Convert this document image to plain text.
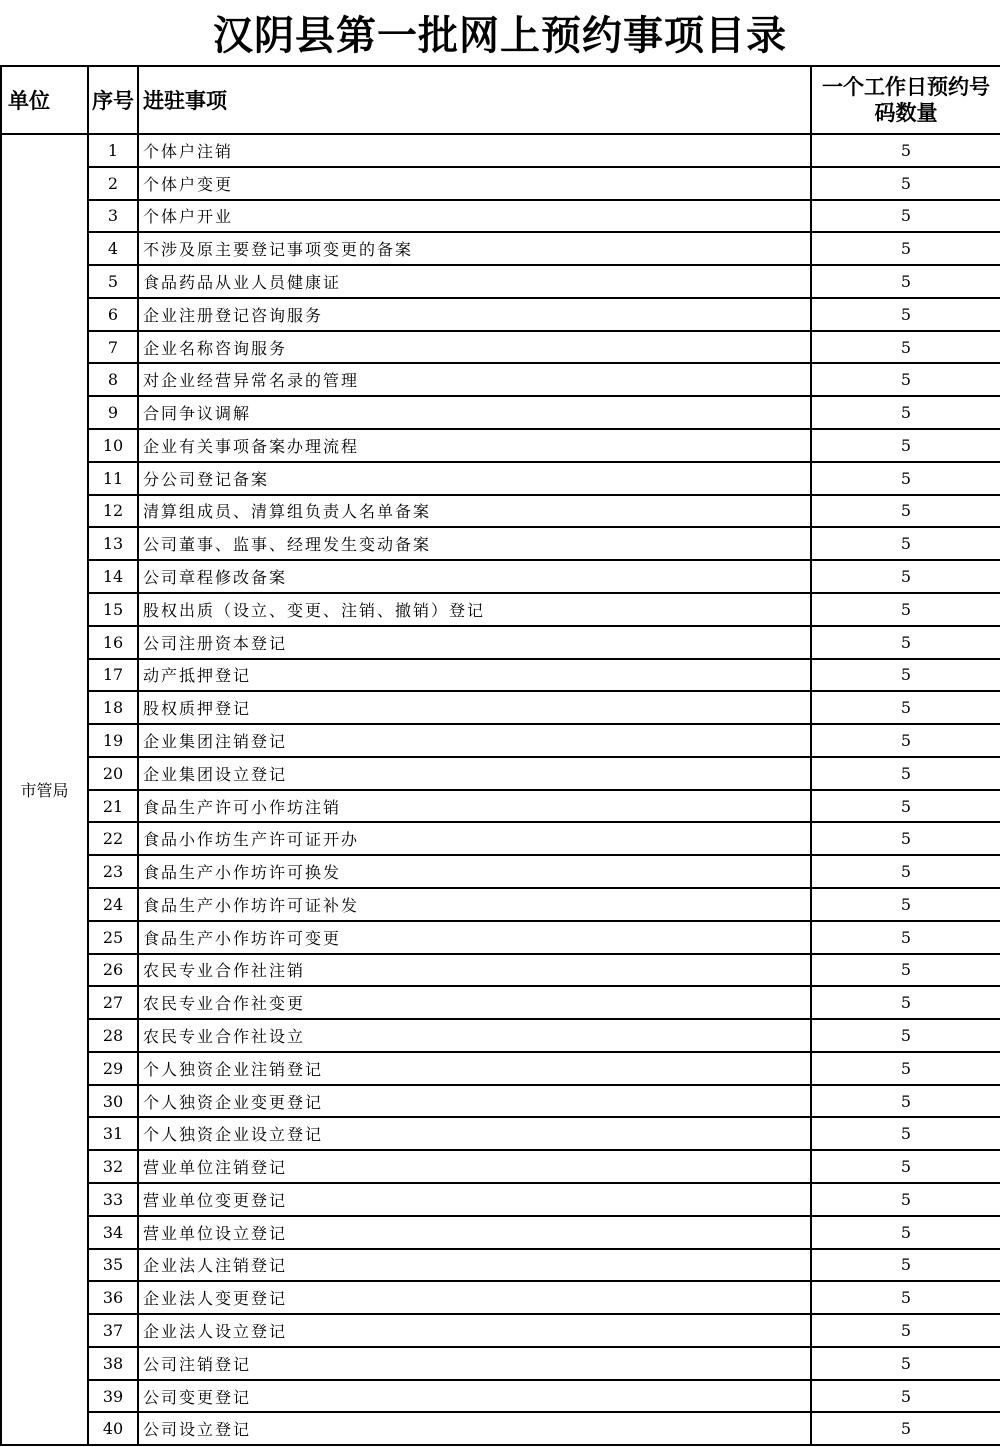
汉阴县第一批网上预约事项目录
单位	序号	进驻事项	一个工作日预约号
码数量
市管局	1	个体户注销	5
	2	个体户变更	5
	3	个体户开业	5
	4	不涉及原主要登记事项变更的备案	5
	5	食品药品从业人员健康证	5
	6	企业注册登记咨询服务	5
	7	企业名称咨询服务	5
	8	对企业经营异常名录的管理	5
	9	合同争议调解	5
	10	企业有关事项备案办理流程	5
	11	分公司登记备案	5
	12	清算组成员、清算组负责人名单备案	5
	13	公司董事、监事、经理发生变动备案	5
	14	公司章程修改备案	5
	15	股权出质（设立、变更、注销、撤销）登记	5
	16	公司注册资本登记	5
	17	动产抵押登记	5
	18	股权质押登记	5
	19	企业集团注销登记	5
	20	企业集团设立登记	5
	21	食品生产许可小作坊注销	5
	22	食品小作坊生产许可证开办	5
	23	食品生产小作坊许可换发	5
	24	食品生产小作坊许可证补发	5
	25	食品生产小作坊许可变更	5
	26	农民专业合作社注销	5
	27	农民专业合作社变更	5
	28	农民专业合作社设立	5
	29	个人独资企业注销登记	5
	30	个人独资企业变更登记	5
	31	个人独资企业设立登记	5
	32	营业单位注销登记	5
	33	营业单位变更登记	5
	34	营业单位设立登记	5
	35	企业法人注销登记	5
	36	企业法人变更登记	5
	37	企业法人设立登记	5
	38	公司注销登记	5
	39	公司变更登记	5
	40	公司设立登记	5
